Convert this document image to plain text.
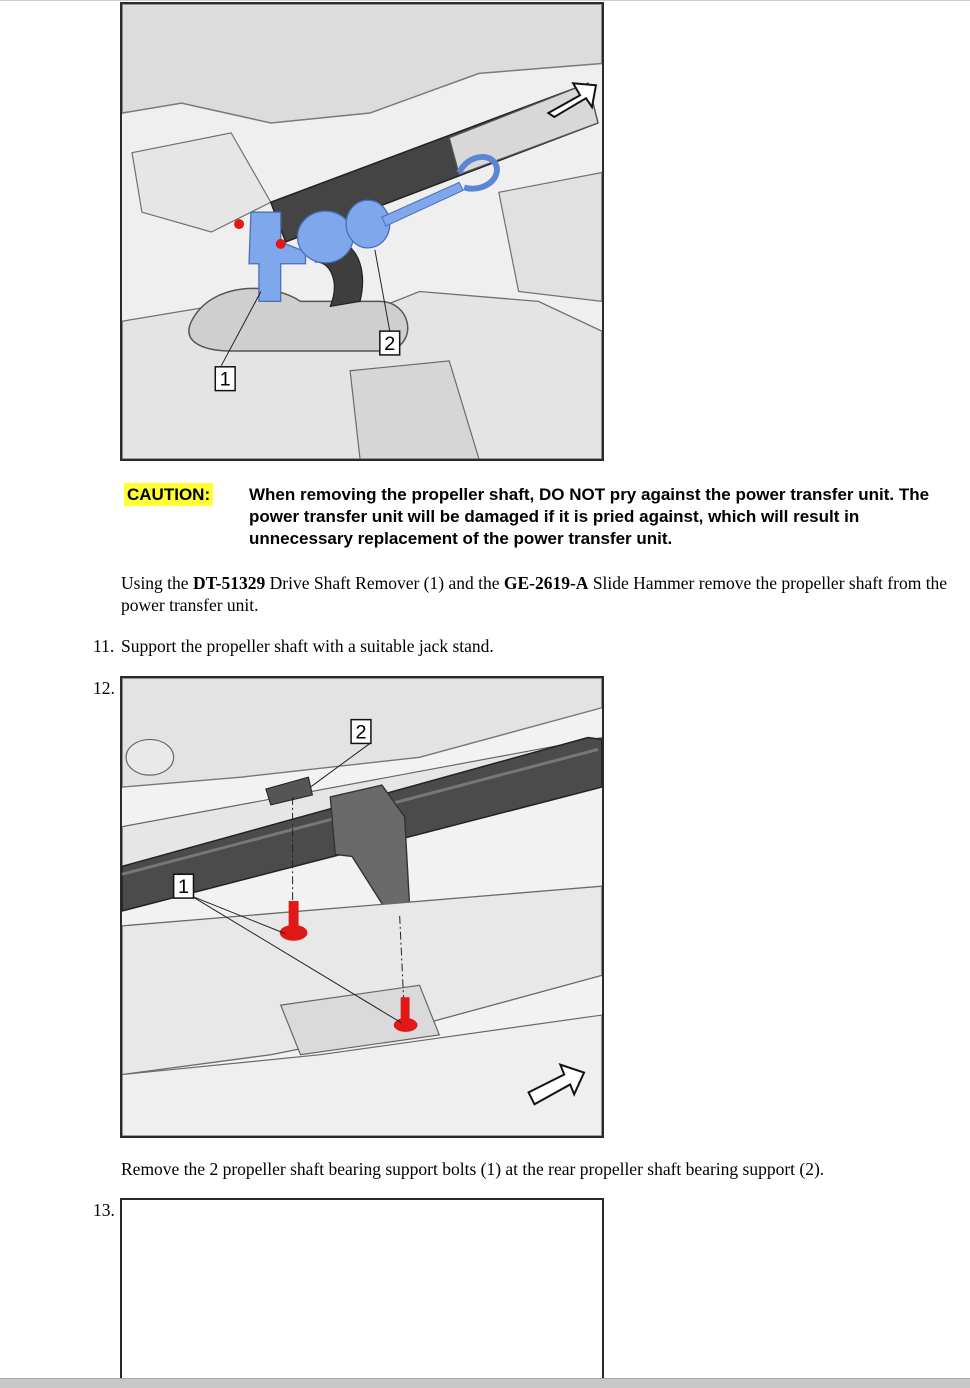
1
2
CAUTION: When removing the propeller shaft, DO NOT pry against the power transfer unit. The power transfer unit will be damaged if it is pried against, which will result in unnecessary replacement of the power transfer unit.
Using the DT-51329 Drive Shaft Remover (1) and the GE-2619-A Slide Hammer remove the propeller shaft from the power transfer unit.
11. Support the propeller shaft with a suitable jack stand.
12.
2
1
Remove the 2 propeller shaft bearing support bolts (1) at the rear propeller shaft bearing support (2).
13.
